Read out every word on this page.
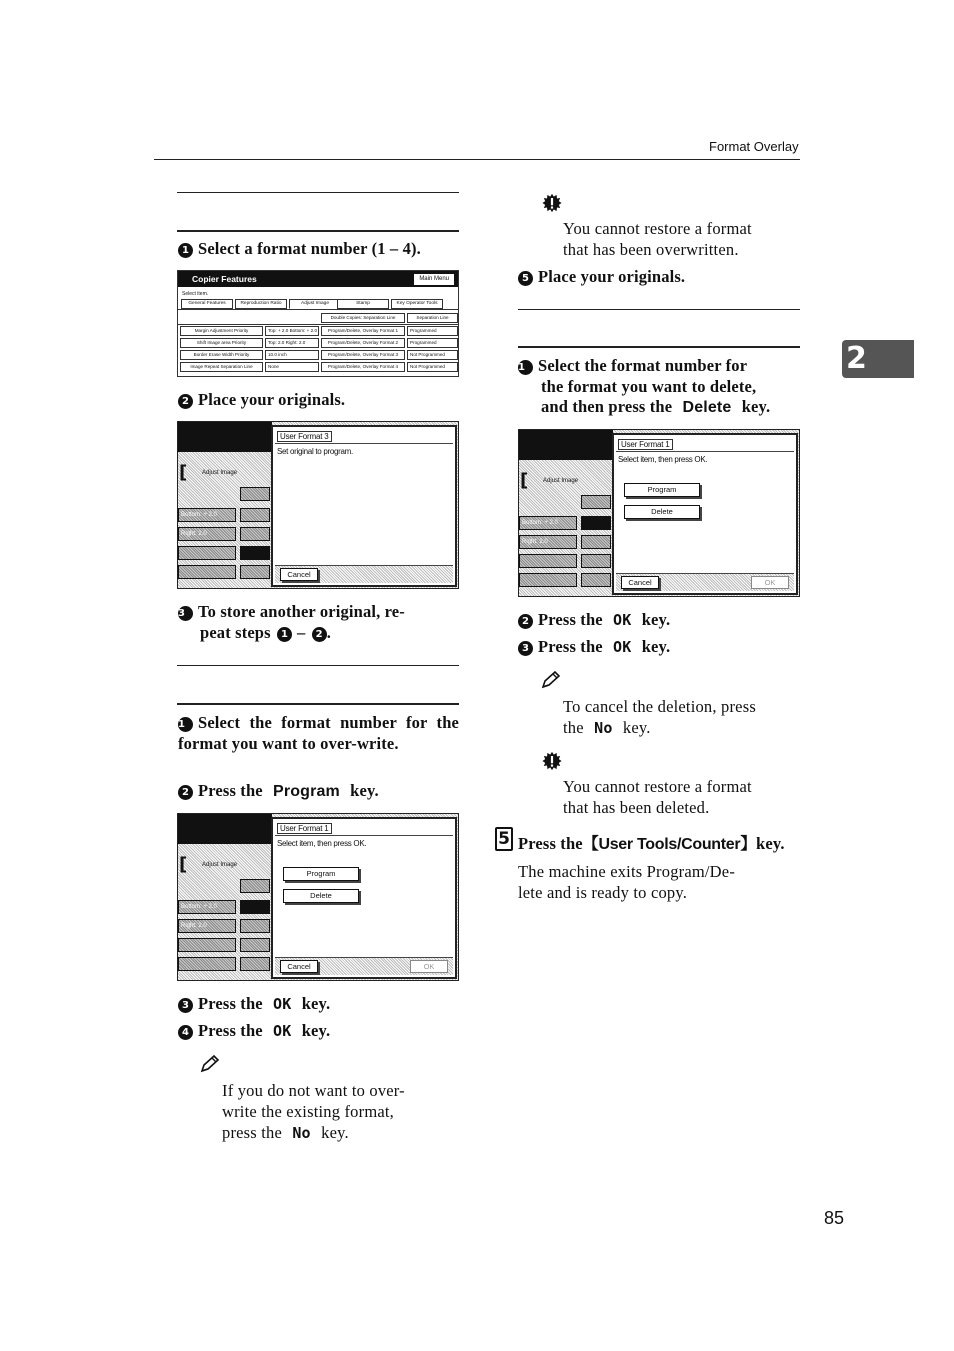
Format Overlay
2
1 Select a format number (1 – 4).
Copier Features	Main Menu
Select item.
General Features	Reproduction Ratio	Adjust Image	Stamp	Key Operator Tools
Double Copies: Separation Line	Separation Line
Margin Adjustment Priority	Top: + 2.0 Bottom: + 2.0	Program/Delete, Overlay Format 1	Programmed
Shift Image area Priority	Top: 2.0 Right: 2.0	Program/Delete, Overlay Format 2	Programmed
Border Erase Width Priority	10.0 inch	Program/Delete, Overlay Format 3	Not Programmed
Image Repeat Separation Line	None	Program/Delete, Overlay Format 4	Not Programmed
2 Place your originals.
[ Adjust Image
Bottom: + 2.0
Right: 2.0
User Format 3
Set original to program.
Cancel
3 To store another original, re-
peat steps 1 – 2 .
1 Select the format number for the format you want to over-write.
2 Press the Program key.
[ Adjust Image
Bottom: + 2.0
Right: 2.0
User Format 1
Select item, then press OK.
Program
Delete
Cancel	OK
3 Press the OK key.
4 Press the OK key.
If you do not want to over-
write the existing format,
press the No key.
You cannot restore a format
that has been overwritten.
5 Place your originals.
1 Select the format number for
the format you want to delete,
and then press the Delete key.
[ Adjust Image
Bottom: + 2.0
Right: 2.0
User Format 1
Select item, then press OK.
Program
Delete
Cancel	OK
2 Press the OK key.
3 Press the OK key.
To cancel the deletion, press
the No key.
You cannot restore a format
that has been deleted.
5 Press the【User Tools/Counter】key.
The machine exits Program/De-
lete and is ready to copy.
85
